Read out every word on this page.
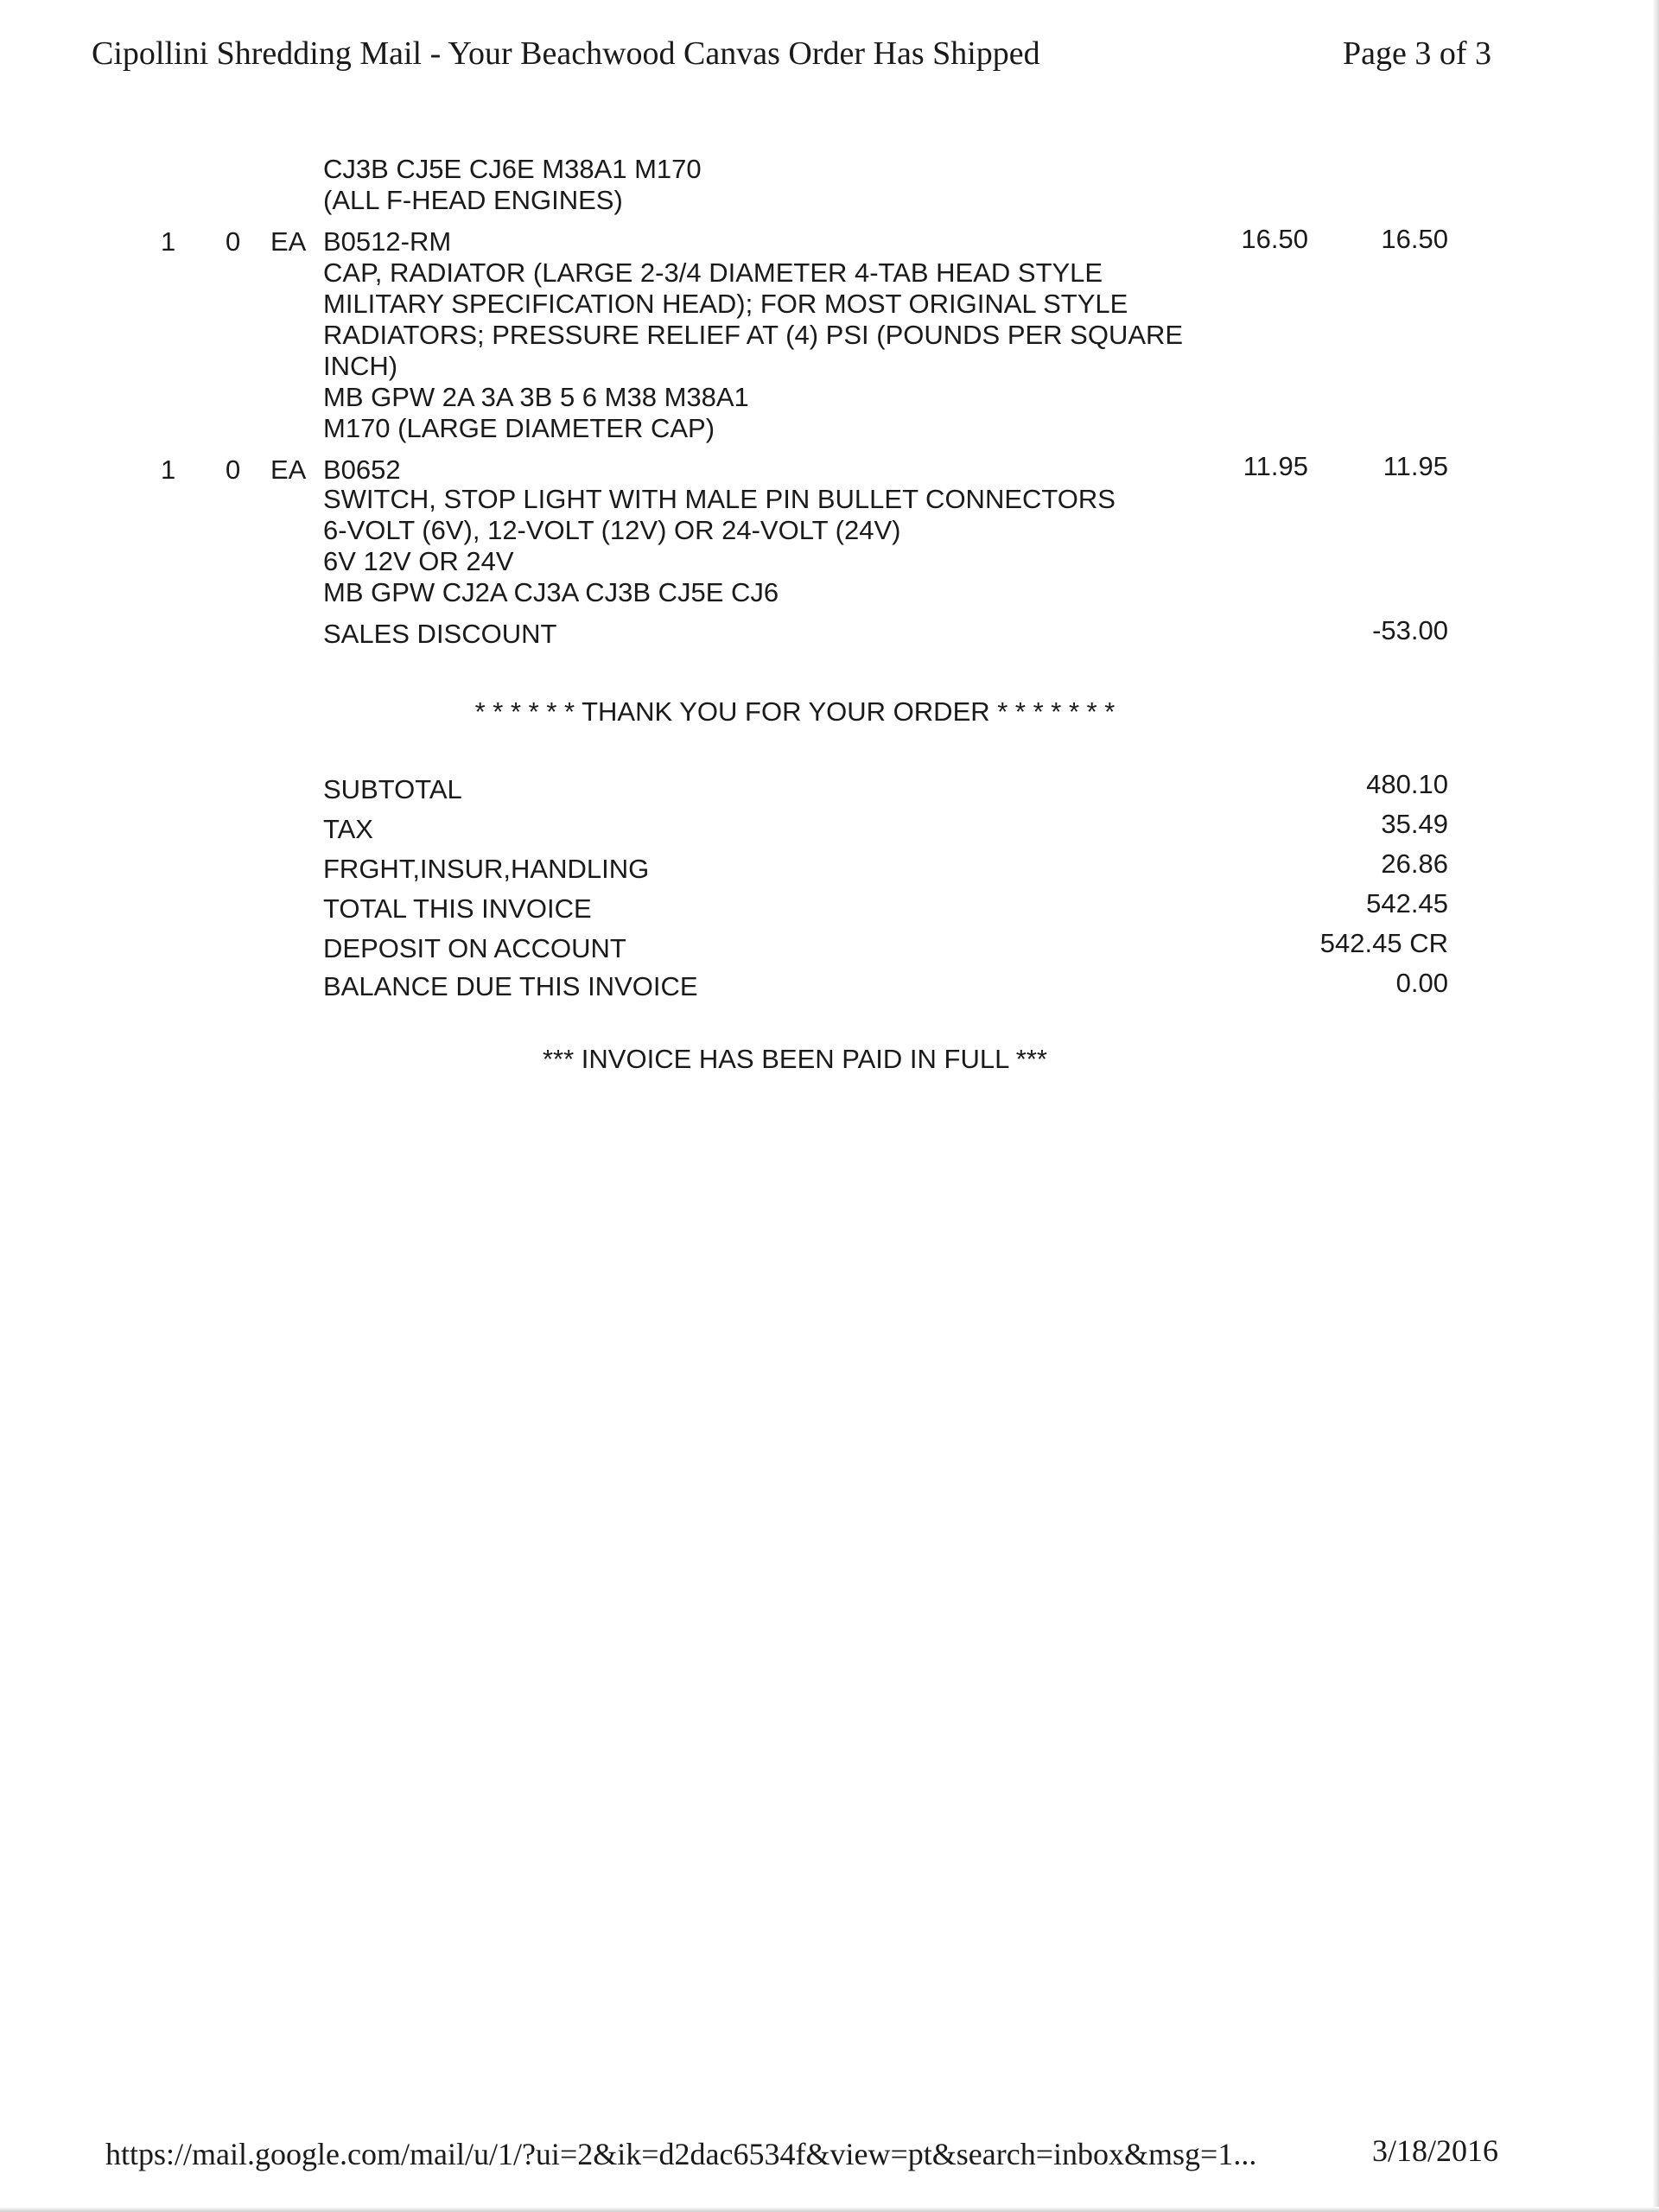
Cipollini Shredding Mail - Your Beachwood Canvas Order Has Shipped	Page 3 of 3
CJ3B CJ5E CJ6E M38A1 M170
(ALL F-HEAD ENGINES)
1 0 EA B0512-RM	16.50	16.50
CAP, RADIATOR (LARGE 2-3/4 DIAMETER 4-TAB HEAD STYLE
MILITARY SPECIFICATION HEAD); FOR MOST ORIGINAL STYLE
RADIATORS; PRESSURE RELIEF AT (4) PSI (POUNDS PER SQUARE
INCH)
MB GPW 2A 3A 3B 5 6 M38 M38A1
M170 (LARGE DIAMETER CAP)
1 0 EA B0652	11.95	11.95
SWITCH, STOP LIGHT WITH MALE PIN BULLET CONNECTORS
6-VOLT (6V), 12-VOLT (12V) OR 24-VOLT (24V)
6V 12V OR 24V
MB GPW CJ2A CJ3A CJ3B CJ5E CJ6
SALES DISCOUNT	-53.00
* * * * * * THANK YOU FOR YOUR ORDER * * * * * * *
SUBTOTAL	480.10
TAX	35.49
FRGHT,INSUR,HANDLING	26.86
TOTAL THIS INVOICE	542.45
DEPOSIT ON ACCOUNT	542.45 CR
BALANCE DUE THIS INVOICE	0.00
*** INVOICE HAS BEEN PAID IN FULL ***
https://mail.google.com/mail/u/1/?ui=2&ik=d2dac6534f&view=pt&search=inbox&msg=1...	3/18/2016
